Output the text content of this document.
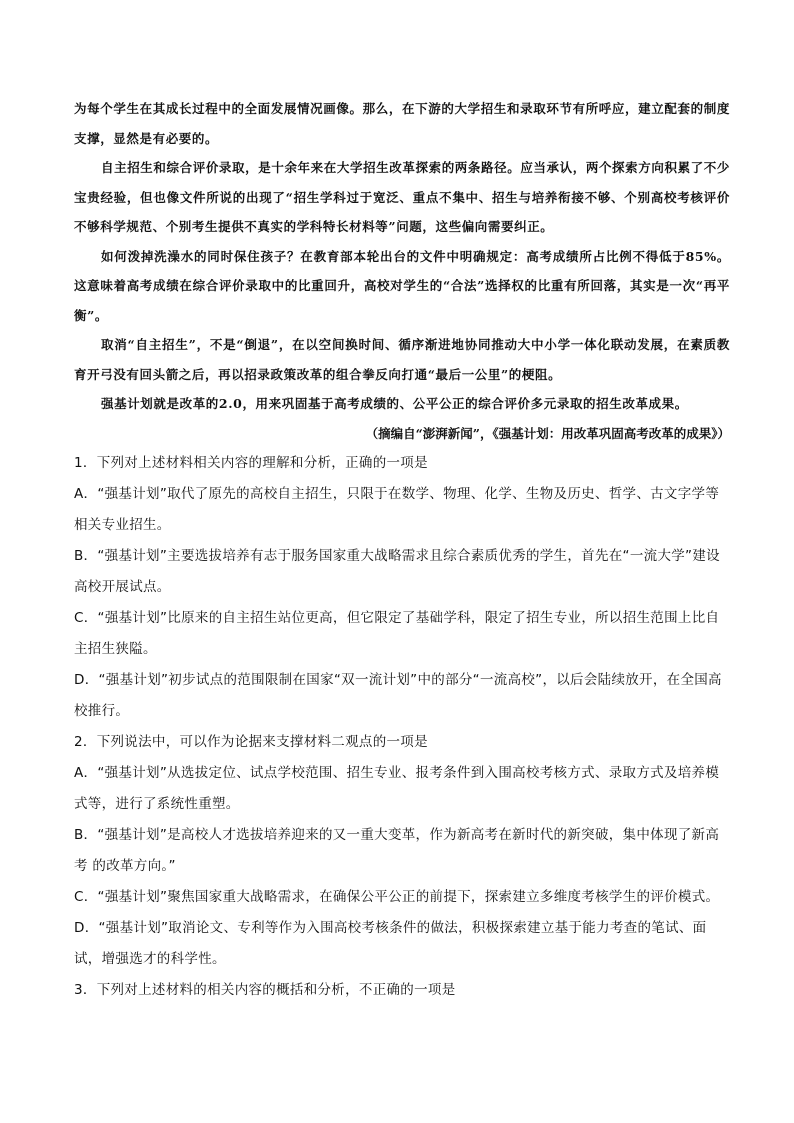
为每个学生在其成长过程中的全面发展情况画像。那么，在下游的大学招生和录取环节有所呼应，建立配套的制度支撑，显然是有必要的。

自主招生和综合评价录取，是十余年来在大学招生改革探索的两条路径。应当承认，两个探索方向积累了不少宝贵经验，但也像文件所说的出现了“招生学科过于宽泛、重点不集中、招生与培养衔接不够、个别高校考核评价不够科学规范、个别考生提供不真实的学科特长材料等”问题，这些偏向需要纠正。

如何泼掉洗澡水的同时保住孩子？在教育部本轮出台的文件中明确规定：高考成绩所占比例不得低于85%。这意味着高考成绩在综合评价录取中的比重回升，高校对学生的“合法”选择权的比重有所回落，其实是一次“再平衡”。

取消“自主招生”，不是“倒退”，在以空间换时间、循序渐进地协同推动大中小学一体化联动发展，在素质教育开弓没有回头箭之后，再以招录政策改革的组合拳反向打通“最后一公里”的梗阻。

强基计划就是改革的2.0，用来巩固基于高考成绩的、公平公正的综合评价多元录取的招生改革成果。

（摘编自“澎湃新闻”，《强基计划：用改革巩固高考改革的成果》）

1．下列对上述材料相关内容的理解和分析，正确的一项是

A．“强基计划”取代了原先的高校自主招生，只限于在数学、物理、化学、生物及历史、哲学、古文字学等相关专业招生。

B．“强基计划”主要选拔培养有志于服务国家重大战略需求且综合素质优秀的学生，首先在“一流大学”建设高校开展试点。

C．“强基计划”比原来的自主招生站位更高，但它限定了基础学科，限定了招生专业，所以招生范围上比自主招生狭隘。

D．“强基计划”初步试点的范围限制在国家“双一流计划”中的部分“一流高校”，以后会陆续放开，在全国高校推行。

2．下列说法中，可以作为论据来支撑材料二观点的一项是

A．“强基计划”从选拔定位、试点学校范围、招生专业、报考条件到入围高校考核方式、录取方式及培养模式等，进行了系统性重塑。

B．“强基计划”是高校人才选拔培养迎来的又一重大变革，作为新高考在新时代的新突破，集中体现了新高考 的改革方向。”

C．“强基计划”聚焦国家重大战略需求，在确保公平公正的前提下，探索建立多维度考核学生的评价模式。

D．“强基计划”取消论文、专利等作为入围高校考核条件的做法，积极探索建立基于能力考查的笔试、面试，增强选才的科学性。

3．下列对上述材料的相关内容的概括和分析，不正确的一项是
